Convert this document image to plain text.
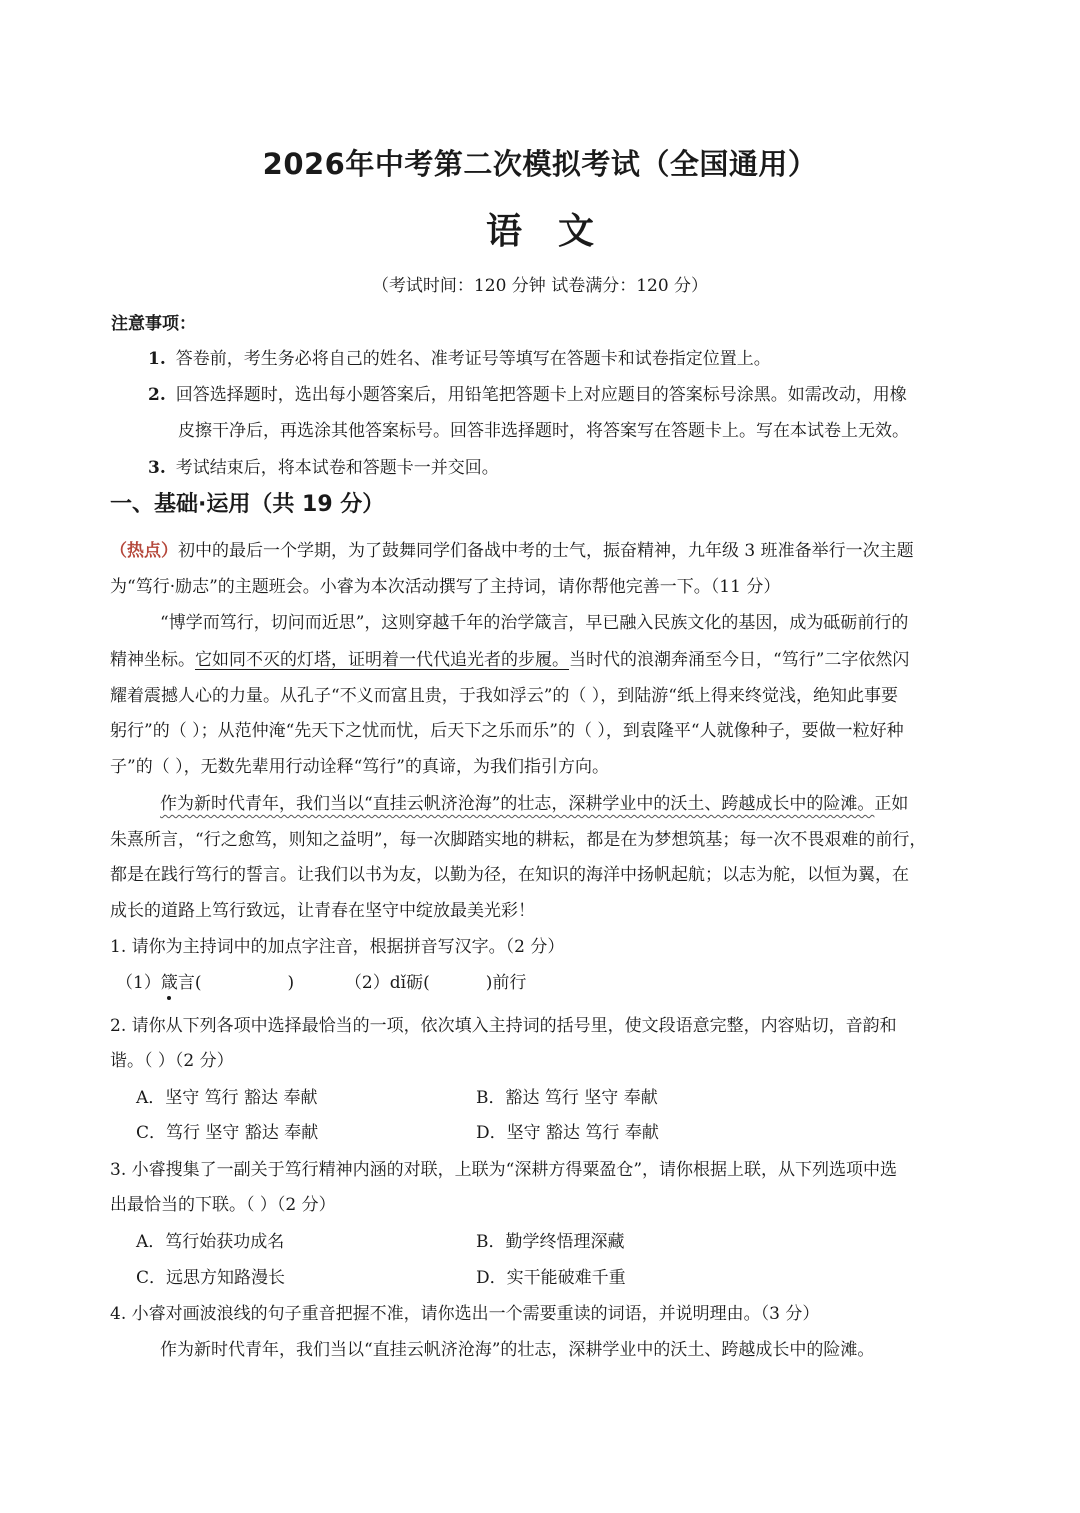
2026年中考第二次模拟考试（全国通用）
语文
（考试时间：120 分钟 试卷满分：120 分）
注意事项：
1. 答卷前，考生务必将自己的姓名、准考证号等填写在答题卡和试卷指定位置上。
2. 回答选择题时，选出每小题答案后，用铅笔把答题卡上对应题目的答案标号涂黑。如需改动，用橡
皮擦干净后，再选涂其他答案标号。回答非选择题时，将答案写在答题卡上。写在本试卷上无效。
3. 考试结束后，将本试卷和答题卡一并交回。
一、基础·运用（共 19 分）
（热点）初中的最后一个学期，为了鼓舞同学们备战中考的士气，振奋精神，九年级 3 班准备举行一次主题
为“笃行·励志”的主题班会。小睿为本次活动撰写了主持词，请你帮他完善一下。（11 分）
“博学而笃行，切问而近思”，这则穿越千年的治学箴言，早已融入民族文化的基因，成为砥砺前行的
精神坐标。它如同不灭的灯塔，证明着一代代追光者的步履。当时代的浪潮奔涌至今日，“笃行”二字依然闪
耀着震撼人心的力量。从孔子“不义而富且贵，于我如浮云”的（ ），到陆游“纸上得来终觉浅，绝知此事要
躬行”的（ ）；从范仲淹“先天下之忧而忧，后天下之乐而乐”的（ ），到袁隆平“人就像种子，要做一粒好种
子”的（ ），无数先辈用行动诠释“笃行”的真谛，为我们指引方向。
作为新时代青年，我们当以“直挂云帆济沧海”的壮志，深耕学业中的沃土、跨越成长中的险滩。正如
朱熹所言，“行之愈笃，则知之益明”，每一次脚踏实地的耕耘，都是在为梦想筑基；每一次不畏艰难的前行，
都是在践行笃行的誓言。让我们以书为友，以勤为径，在知识的海洋中扬帆起航；以志为舵，以恒为翼，在
成长的道路上笃行致远，让青春在坚守中绽放最美光彩！
1. 请你为主持词中的加点字注音，根据拼音写汉字。（2 分）
（1）箴言(	)	（2）dǐ砺(	)前行
2. 请你从下列各项中选择最恰当的一项，依次填入主持词的括号里，使文段语意完整，内容贴切，音韵和
谐。（ ）（2 分）
A．坚守 笃行 豁达 奉献	B．豁达 笃行 坚守 奉献
C．笃行 坚守 豁达 奉献	D．坚守 豁达 笃行 奉献
3. 小睿搜集了一副关于笃行精神内涵的对联，上联为“深耕方得粟盈仓”，请你根据上联，从下列选项中选
出最恰当的下联。（ ）（2 分）
A．笃行始获功成名	B．勤学终悟理深藏
C．远思方知路漫长	D．实干能破难千重
4. 小睿对画波浪线的句子重音把握不准，请你选出一个需要重读的词语，并说明理由。（3 分）
作为新时代青年，我们当以“直挂云帆济沧海”的壮志，深耕学业中的沃土、跨越成长中的险滩。
